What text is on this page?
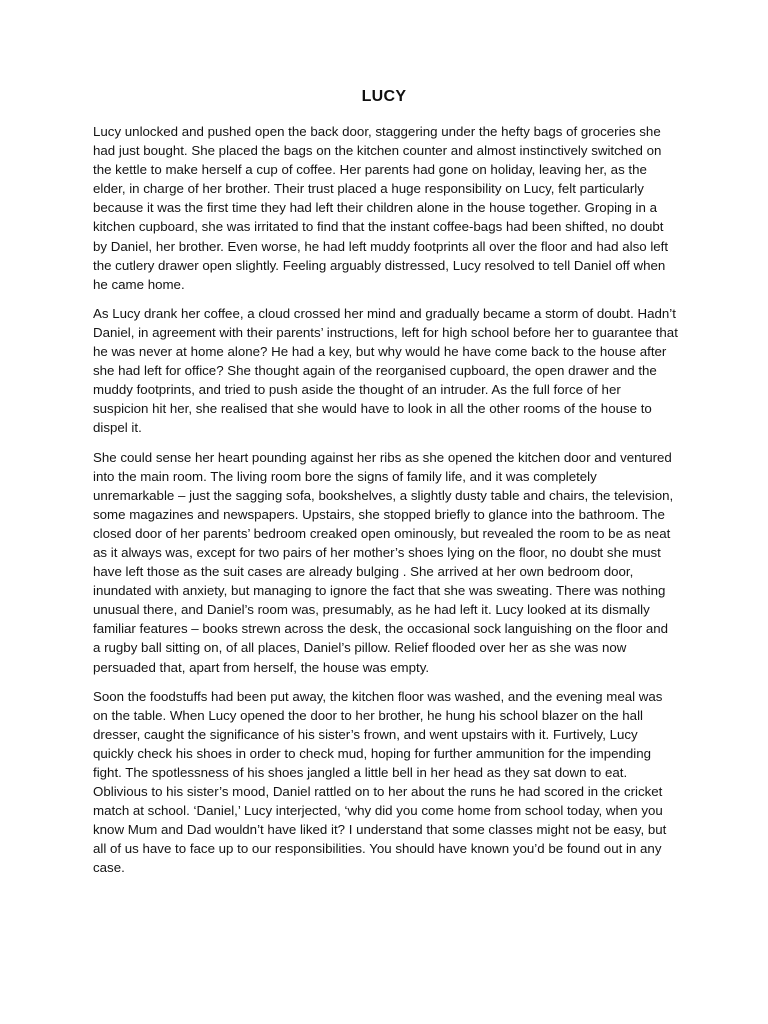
LUCY

Lucy unlocked and pushed open the back door, staggering under the hefty bags of groceries she had just bought. She placed the bags on the kitchen counter and almost instinctively switched on the kettle to make herself a cup of coffee. Her parents had gone on holiday, leaving her, as the elder, in charge of her brother. Their trust placed a huge responsibility on Lucy, felt particularly because it was the first time they had left their children alone in the house together. Groping in a kitchen cupboard, she was irritated to find that the instant coffee-bags had been shifted, no doubt by Daniel, her brother. Even worse, he had left muddy footprints all over the floor and had also left the cutlery drawer open slightly. Feeling arguably distressed, Lucy resolved to tell Daniel off when he came home.

As Lucy drank her coffee, a cloud crossed her mind and gradually became a storm of doubt. Hadn’t Daniel, in agreement with their parents’ instructions, left for high school before her to guarantee that he was never at home alone? He had a key, but why would he have come back to the house after she had left for office? She thought again of the reorganised cupboard, the open drawer and the muddy footprints, and tried to push aside the thought of an intruder. As the full force of her suspicion hit her, she realised that she would have to look in all the other rooms of the house to dispel it.

She could sense her heart pounding against her ribs as she opened the kitchen door and ventured into the main room. The living room bore the signs of family life, and it was completely unremarkable – just the sagging sofa, bookshelves, a slightly dusty table and chairs, the television, some magazines and newspapers. Upstairs, she stopped briefly to glance into the bathroom. The closed door of her parents’ bedroom creaked open ominously, but revealed the room to be as neat as it always was, except for two pairs of her mother’s shoes lying on the floor, no doubt she must have left those as the suit cases are already bulging . She arrived at her own bedroom door, inundated with anxiety, but managing to ignore the fact that she was sweating. There was nothing unusual there, and Daniel’s room was, presumably, as he had left it. Lucy looked at its dismally familiar features – books strewn across the desk, the occasional sock languishing on the floor and a rugby ball sitting on, of all places, Daniel’s pillow. Relief flooded over her as she was now persuaded that, apart from herself, the house was empty.

Soon the foodstuffs had been put away, the kitchen floor was washed, and the evening meal was on the table. When Lucy opened the door to her brother, he hung his school blazer on the hall dresser, caught the significance of his sister’s frown, and went upstairs with it. Furtively, Lucy quickly check his shoes in order to check mud, hoping for further ammunition for the impending fight. The spotlessness of his shoes jangled a little bell in her head as they sat down to eat. Oblivious to his sister’s mood, Daniel rattled on to her about the runs he had scored in the cricket match at school. ‘Daniel,’ Lucy interjected, ‘why did you come home from school today, when you know Mum and Dad wouldn’t have liked it? I understand that some classes might not be easy, but all of us have to face up to our responsibilities. You should have known you’d be found out in any case.
